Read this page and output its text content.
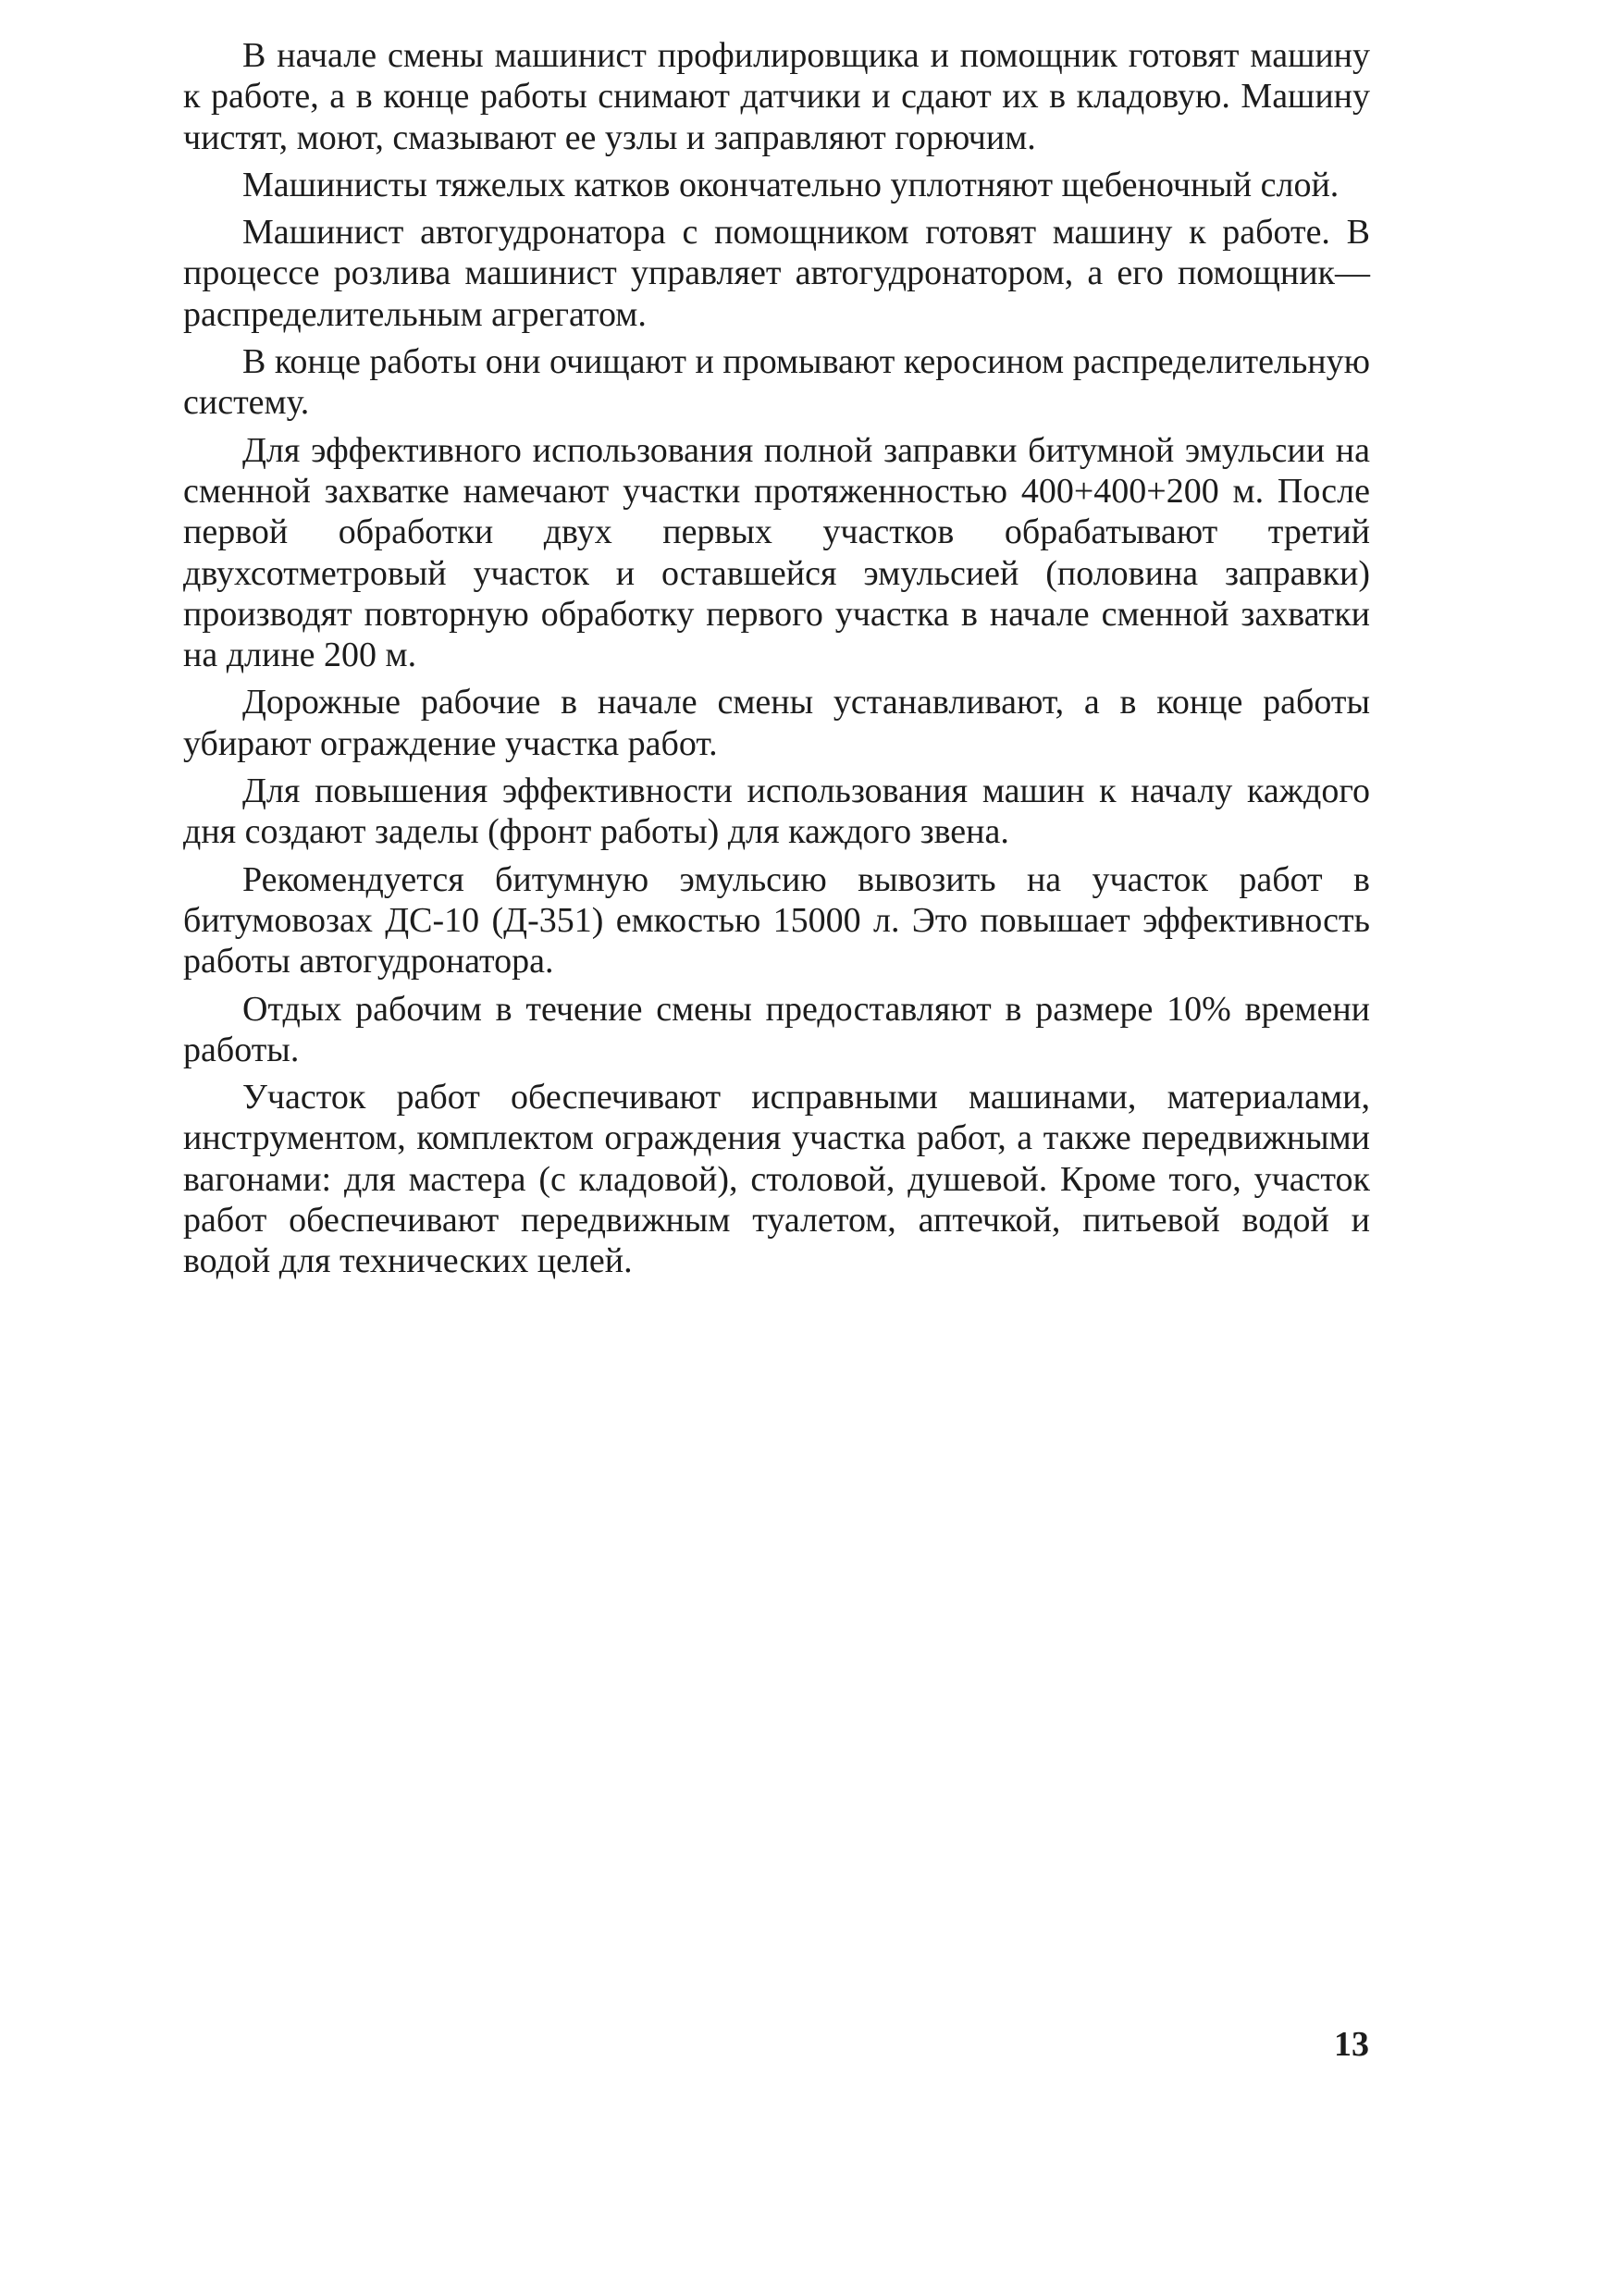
В начале смены машинист профилировщика и помощник готовят машину к работе, а в конце работы снимают датчики и сдают их в кладовую. Машину чистят, моют, смазывают ее узлы и заправляют горючим.

Машинисты тяжелых катков окончательно уплотняют щебеночный слой.

Машинист автогудронатора с помощником готовят машину к работе. В процессе розлива машинист управляет автогудронатором, а его помощник—распределительным агрегатом.

В конце работы они очищают и промывают керосином распределительную систему.

Для эффективного использования полной заправки битумной эмульсии на сменной захватке намечают участки протяженностью 400+400+200 м. После первой обработки двух первых участков обрабатывают третий двухсотметровый участок и оставшейся эмульсией (половина заправки) производят повторную обработку первого участка в начале сменной захватки на длине 200 м.

Дорожные рабочие в начале смены устанавливают, а в конце работы убирают ограждение участка работ.

Для повышения эффективности использования машин к началу каждого дня создают заделы (фронт работы) для каждого звена.

Рекомендуется битумную эмульсию вывозить на участок работ в битумовозах ДС-10 (Д-351) емкостью 15000 л. Это повышает эффективность работы автогудронатора.

Отдых рабочим в течение смены предоставляют в размере 10% времени работы.

Участок работ обеспечивают исправными машинами, материалами, инструментом, комплектом ограждения участка работ, а также передвижными вагонами: для мастера (с кладовой), столовой, душевой. Кроме того, участок работ обеспечивают передвижным туалетом, аптечкой, питьевой водой и водой для технических целей.

13
